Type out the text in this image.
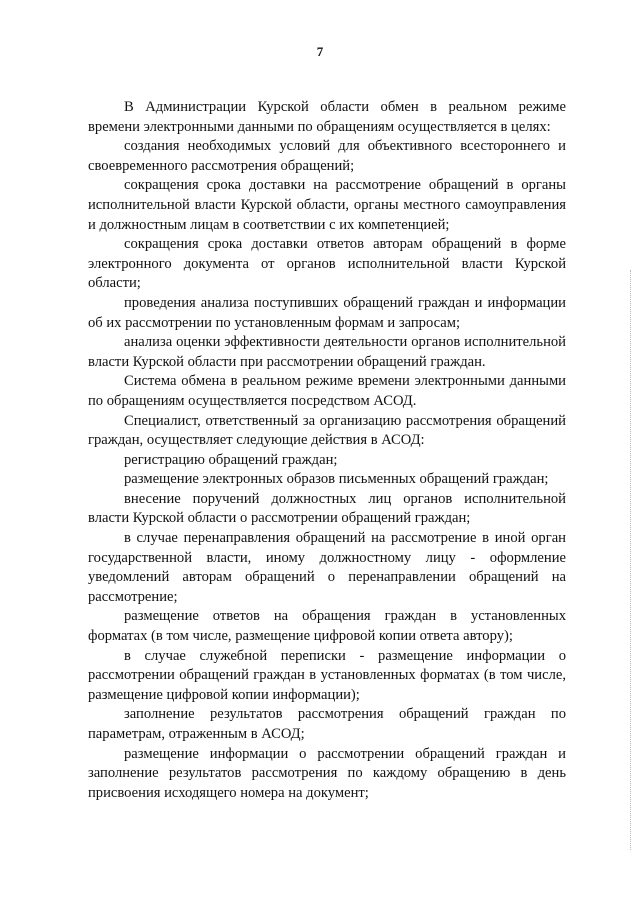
7

В Администрации Курской области обмен в реальном режиме времени электронными данными по обращениям осуществляется в целях:

создания необходимых условий для объективного всестороннего и своевременного рассмотрения обращений;

сокращения срока доставки на рассмотрение обращений в органы исполнительной власти Курской области, органы местного самоуправления и должностным лицам в соответствии с их компетенцией;

сокращения срока доставки ответов авторам обращений в форме электронного документа от органов исполнительной власти Курской области;

проведения анализа поступивших обращений граждан и информации об их рассмотрении по установленным формам и запросам;

анализа оценки эффективности деятельности органов исполнительной власти Курской области при рассмотрении обращений граждан.

Система обмена в реальном режиме времени электронными данными по обращениям осуществляется посредством АСОД.

Специалист, ответственный за организацию рассмотрения обращений граждан, осуществляет следующие действия в АСОД:

регистрацию обращений граждан;

размещение электронных образов письменных обращений граждан;

внесение поручений должностных лиц органов исполнительной власти Курской области о рассмотрении обращений граждан;

в случае перенаправления обращений на рассмотрение в иной орган государственной власти, иному должностному лицу - оформление уведомлений авторам обращений о перенаправлении обращений на рассмотрение;

размещение ответов на обращения граждан в установленных форматах (в том числе, размещение цифровой копии ответа автору);

в случае служебной переписки - размещение информации о рассмотрении обращений граждан в установленных форматах (в том числе, размещение цифровой копии информации);

заполнение результатов рассмотрения обращений граждан по параметрам, отраженным в АСОД;

размещение информации о рассмотрении обращений граждан и заполнение результатов рассмотрения по каждому обращению в день присвоения исходящего номера на документ;
